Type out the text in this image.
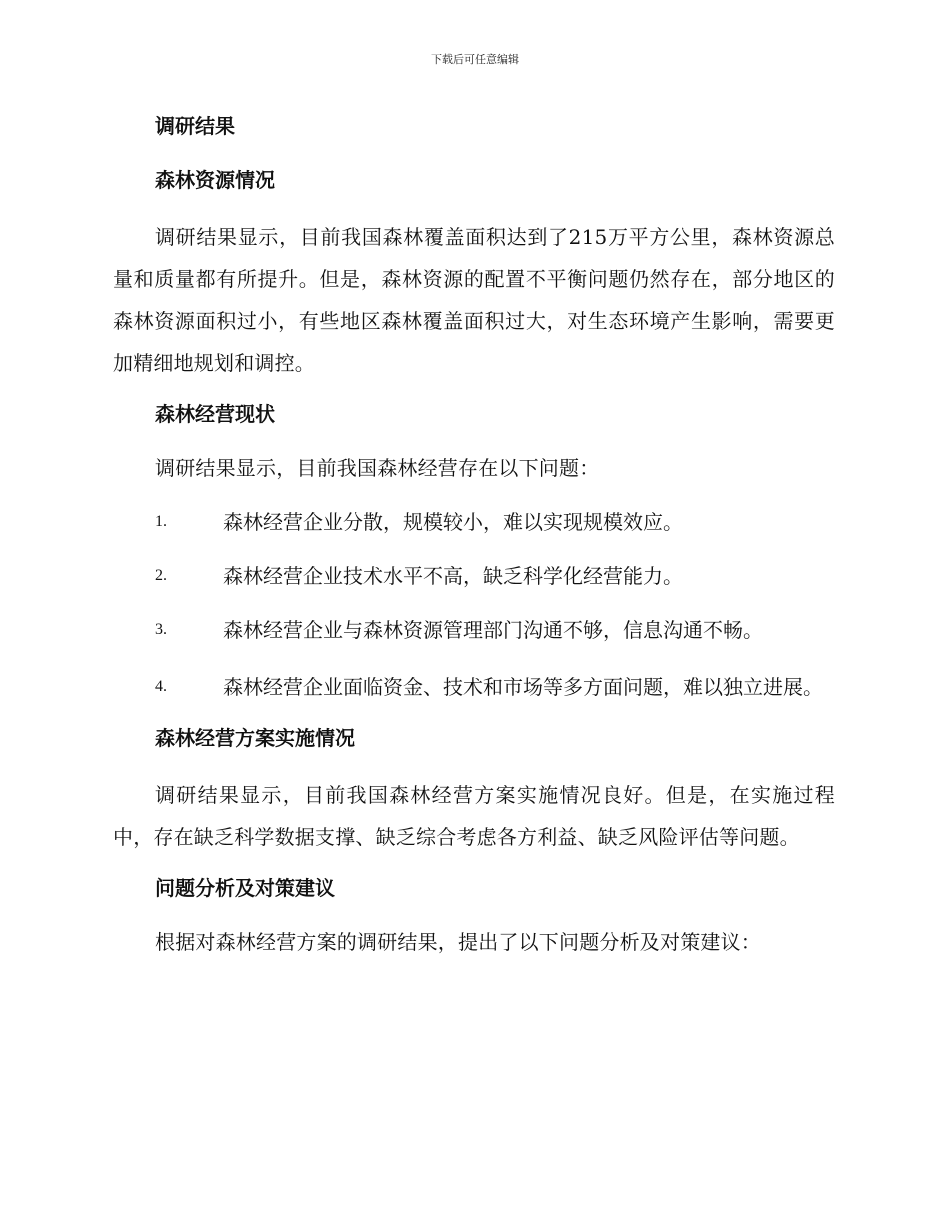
下载后可任意编辑
调研结果
森林资源情况

调研结果显示，目前我国森林覆盖面积达到了215万平方公里，森林资源总量和质量都有所提升。但是，森林资源的配置不平衡问题仍然存在，部分地区的森林资源面积过小，有些地区森林覆盖面积过大，对生态环境产生影响，需要更加精细地规划和调控。

森林经营现状

调研结果显示，目前我国森林经营存在以下问题：

1.	森林经营企业分散，规模较小，难以实现规模效应。
2.	森林经营企业技术水平不高，缺乏科学化经营能力。
3.	森林经营企业与森林资源管理部门沟通不够，信息沟通不畅。
4.	森林经营企业面临资金、技术和市场等多方面问题，难以独立进展。
森林经营方案实施情况

调研结果显示，目前我国森林经营方案实施情况良好。但是，在实施过程中，存在缺乏科学数据支撑、缺乏综合考虑各方利益、缺乏风险评估等问题。

问题分析及对策建议

根据对森林经营方案的调研结果，提出了以下问题分析及对策建议：
